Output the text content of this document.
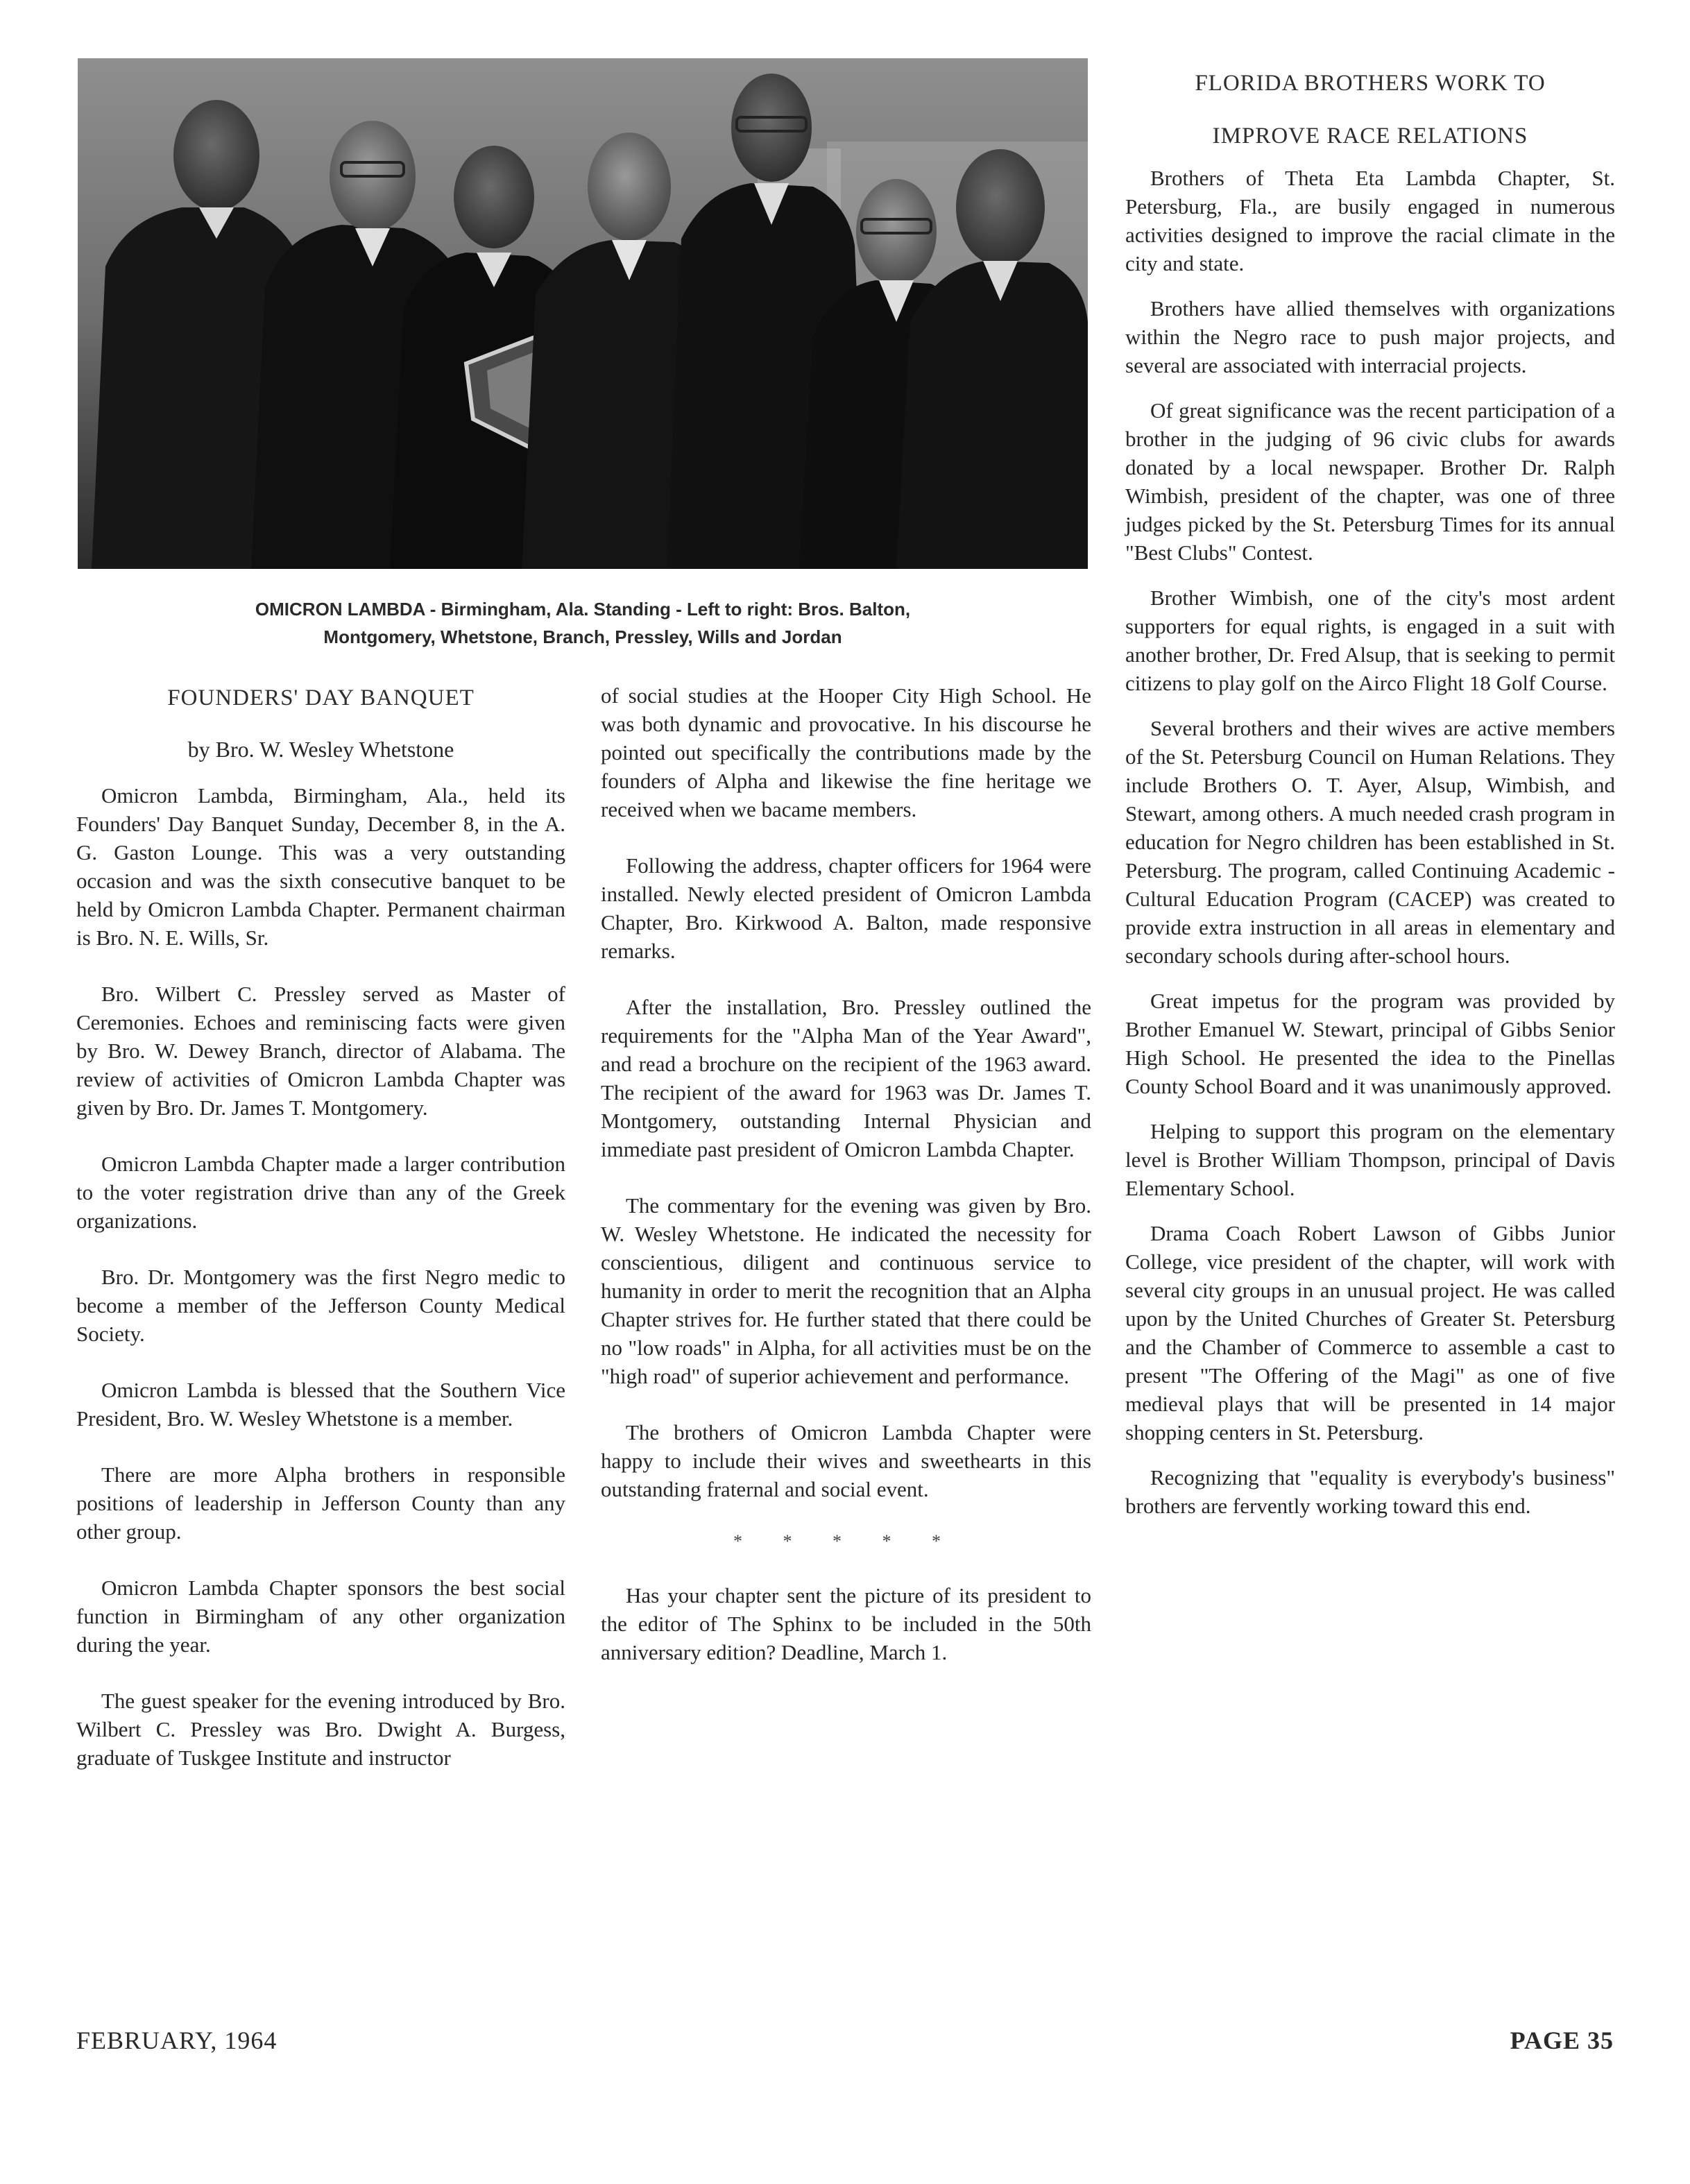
OMICRON LAMBDA - Birmingham, Ala. Standing - Left to right: Bros. Balton,
Montgomery, Whetstone, Branch, Pressley, Wills and Jordan
FOUNDERS' DAY BANQUET
by Bro. W. Wesley Whetstone

Omicron Lambda, Birmingham, Ala., held its Founders' Day Banquet Sunday, December 8, in the A. G. Gaston Lounge. This was a very outstanding occasion and was the sixth consecutive banquet to be held by Omicron Lambda Chapter. Permanent chairman is Bro. N. E. Wills, Sr.

Bro. Wilbert C. Pressley served as Master of Ceremonies. Echoes and reminiscing facts were given by Bro. W. Dewey Branch, director of Alabama. The review of activities of Omicron Lambda Chapter was given by Bro. Dr. James T. Montgomery.

Omicron Lambda Chapter made a larger contribution to the voter registration drive than any of the Greek organizations.

Bro. Dr. Montgomery was the first Negro medic to become a member of the Jefferson County Medical Society.

Omicron Lambda is blessed that the Southern Vice President, Bro. W. Wesley Whetstone is a member.

There are more Alpha brothers in responsible positions of leadership in Jefferson County than any other group.

Omicron Lambda Chapter sponsors the best social function in Birmingham of any other organization during the year.

The guest speaker for the evening introduced by Bro. Wilbert C. Pressley was Bro. Dwight A. Burgess, graduate of Tuskgee Institute and instructor

of social studies at the Hooper City High School. He was both dynamic and provocative. In his discourse he pointed out specifically the contributions made by the founders of Alpha and likewise the fine heritage we received when we bacame members.

Following the address, chapter officers for 1964 were installed. Newly elected president of Omicron Lambda Chapter, Bro. Kirkwood A. Balton, made responsive remarks.

After the installation, Bro. Pressley outlined the requirements for the "Alpha Man of the Year Award", and read a brochure on the recipient of the 1963 award. The recipient of the award for 1963 was Dr. James T. Montgomery, outstanding Internal Physician and immediate past president of Omicron Lambda Chapter.

The commentary for the evening was given by Bro. W. Wesley Whetstone. He indicated the necessity for conscientious, diligent and continuous service to humanity in order to merit the recognition that an Alpha Chapter strives for. He further stated that there could be no "low roads" in Alpha, for all activities must be on the "high road" of superior achievement and performance.

The brothers of Omicron Lambda Chapter were happy to include their wives and sweethearts in this outstanding fraternal and social event.

* * * * *

Has your chapter sent the picture of its president to the editor of The Sphinx to be included in the 50th anniversary edition? Deadline, March 1.

FLORIDA BROTHERS WORK TO
IMPROVE RACE RELATIONS

Brothers of Theta Eta Lambda Chapter, St. Petersburg, Fla., are busily engaged in numerous activities designed to improve the racial climate in the city and state.

Brothers have allied themselves with organizations within the Negro race to push major projects, and several are associated with interracial projects.

Of great significance was the recent participation of a brother in the judging of 96 civic clubs for awards donated by a local newspaper. Brother Dr. Ralph Wimbish, president of the chapter, was one of three judges picked by the St. Petersburg Times for its annual "Best Clubs" Contest.

Brother Wimbish, one of the city's most ardent supporters for equal rights, is engaged in a suit with another brother, Dr. Fred Alsup, that is seeking to permit citizens to play golf on the Airco Flight 18 Golf Course.

Several brothers and their wives are active members of the St. Petersburg Council on Human Relations. They include Brothers O. T. Ayer, Alsup, Wimbish, and Stewart, among others. A much needed crash program in education for Negro children has been established in St. Petersburg. The program, called Continuing Academic - Cultural Education Program (CACEP) was created to provide extra instruction in all areas in elementary and secondary schools during after-school hours.

Great impetus for the program was provided by Brother Emanuel W. Stewart, principal of Gibbs Senior High School. He presented the idea to the Pinellas County School Board and it was unanimously approved.

Helping to support this program on the elementary level is Brother William Thompson, principal of Davis Elementary School.

Drama Coach Robert Lawson of Gibbs Junior College, vice president of the chapter, will work with several city groups in an unusual project. He was called upon by the United Churches of Greater St. Petersburg and the Chamber of Commerce to assemble a cast to present "The Offering of the Magi" as one of five medieval plays that will be presented in 14 major shopping centers in St. Petersburg.

Recognizing that "equality is everybody's business" brothers are fervently working toward this end.

FEBRUARY, 1964	PAGE 35
